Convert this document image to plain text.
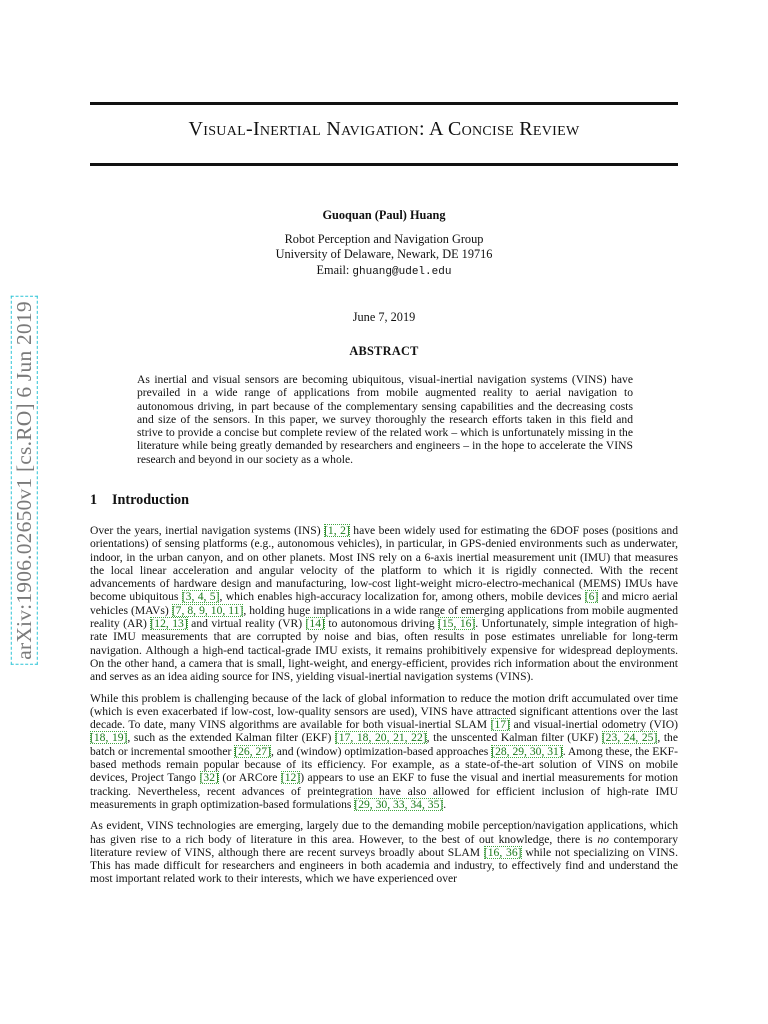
arXiv:1906.02650v1 [cs.RO] 6 Jun 2019
Visual-Inertial Navigation: A Concise Review
Guoquan (Paul) Huang
Robot Perception and Navigation Group
University of Delaware, Newark, DE 19716
Email: ghuang@udel.edu
June 7, 2019
ABSTRACT
As inertial and visual sensors are becoming ubiquitous, visual-inertial navigation systems (VINS) have prevailed in a wide range of applications from mobile augmented reality to aerial navigation to autonomous driving, in part because of the complementary sensing capabilities and the decreasing costs and size of the sensors. In this paper, we survey thoroughly the research efforts taken in this field and strive to provide a concise but complete review of the related work – which is unfortunately missing in the literature while being greatly demanded by researchers and engineers – in the hope to accelerate the VINS research and beyond in our society as a whole.
1 Introduction

Over the years, inertial navigation systems (INS) [1, 2] have been widely used for estimating the 6DOF poses (positions and orientations) of sensing platforms (e.g., autonomous vehicles), in particular, in GPS-denied environments such as underwater, indoor, in the urban canyon, and on other planets. Most INS rely on a 6-axis inertial measurement unit (IMU) that measures the local linear acceleration and angular velocity of the platform to which it is rigidly connected. With the recent advancements of hardware design and manufacturing, low-cost light-weight micro-electro-mechanical (MEMS) IMUs have become ubiquitous [3, 4, 5], which enables high-accuracy localization for, among others, mobile devices [6] and micro aerial vehicles (MAVs) [7, 8, 9, 10, 11], holding huge implications in a wide range of emerging applications from mobile augmented reality (AR) [12, 13] and virtual reality (VR) [14] to autonomous driving [15, 16]. Unfortunately, simple integration of high-rate IMU measurements that are corrupted by noise and bias, often results in pose estimates unreliable for long-term navigation. Although a high-end tactical-grade IMU exists, it remains prohibitively expensive for widespread deployments. On the other hand, a camera that is small, light-weight, and energy-efficient, provides rich information about the environment and serves as an idea aiding source for INS, yielding visual-inertial navigation systems (VINS).

While this problem is challenging because of the lack of global information to reduce the motion drift accumulated over time (which is even exacerbated if low-cost, low-quality sensors are used), VINS have attracted significant attentions over the last decade. To date, many VINS algorithms are available for both visual-inertial SLAM [17] and visual-inertial odometry (VIO) [18, 19], such as the extended Kalman filter (EKF) [17, 18, 20, 21, 22], the unscented Kalman filter (UKF) [23, 24, 25], the batch or incremental smoother [26, 27], and (window) optimization-based approaches [28, 29, 30, 31]. Among these, the EKF-based methods remain popular because of its efficiency. For example, as a state-of-the-art solution of VINS on mobile devices, Project Tango [32] (or ARCore [12]) appears to use an EKF to fuse the visual and inertial measurements for motion tracking. Nevertheless, recent advances of preintegration have also allowed for efficient inclusion of high-rate IMU measurements in graph optimization-based formulations [29, 30, 33, 34, 35].

As evident, VINS technologies are emerging, largely due to the demanding mobile perception/navigation applications, which has given rise to a rich body of literature in this area. However, to the best of out knowledge, there is no contemporary literature review of VINS, although there are recent surveys broadly about SLAM [16, 36] while not specializing on VINS. This has made difficult for researchers and engineers in both academia and industry, to effectively find and understand the most important related work to their interests, which we have experienced over
